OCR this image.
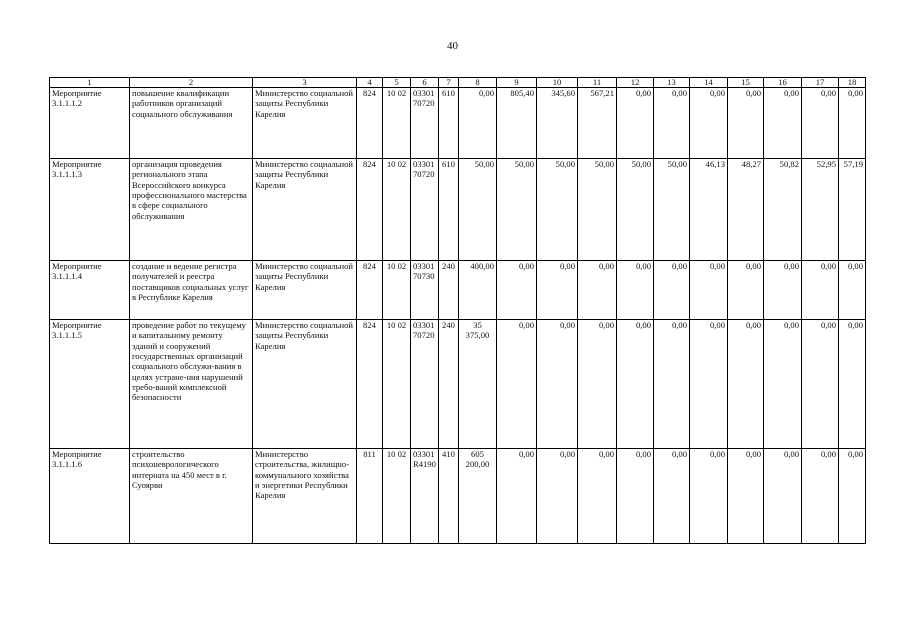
40
1	2	3	4	5	6	7	8	9	10	11	12	13	14	15	16	17	18
Мероприятие 3.1.1.1.2	повышение квалификации работников организаций социального обслуживания	Министерство социальной защиты Республики Карелия	824	10 02	03301 70720	610	0,00	805,40	345,60	567,21	0,00	0,00	0,00	0,00	0,00	0,00	0,00
Мероприятие 3.1.1.1.3	организация проведения регионального этапа Всероссийского конкурса профессионального мастерства в сфере социального обслуживания	Министерство социальной защиты Республики Карелия	824	10 02	03301 70720	610	50,00	50,00	50,00	50,00	50,00	50,00	46,13	48,27	50,82	52,95	57,19
Мероприятие 3.1.1.1.4	создание и ведение регистра получателей и реестра поставщиков социальных услуг в Республике Карелия	Министерство социальной защиты Республики Карелия	824	10 02	03301 70730	240	400,00	0,00	0,00	0,00	0,00	0,00	0,00	0,00	0,00	0,00	0,00
Мероприятие 3.1.1.1.5	проведение работ по текущему и капитальному ремонту зданий и сооружений государственных организаций социального обслужи-вания в целях устране-ния нарушений требо-ваний комплексной безопасности	Министерство социальной защиты Республики Карелия	824	10 02	03301 70720	240	35 375,00	0,00	0,00	0,00	0,00	0,00	0,00	0,00	0,00	0,00	0,00
Мероприятие 3.1.1.1.6	строительство психоневрологического интерната на 450 мест в г. Суоярви	Министерство строительства, жилищно-коммунального хозяйства и энергетики Республики Карелия	811	10 02	03301 R4190	410	605 200,00	0,00	0,00	0,00	0,00	0,00	0,00	0,00	0,00	0,00	0,00
